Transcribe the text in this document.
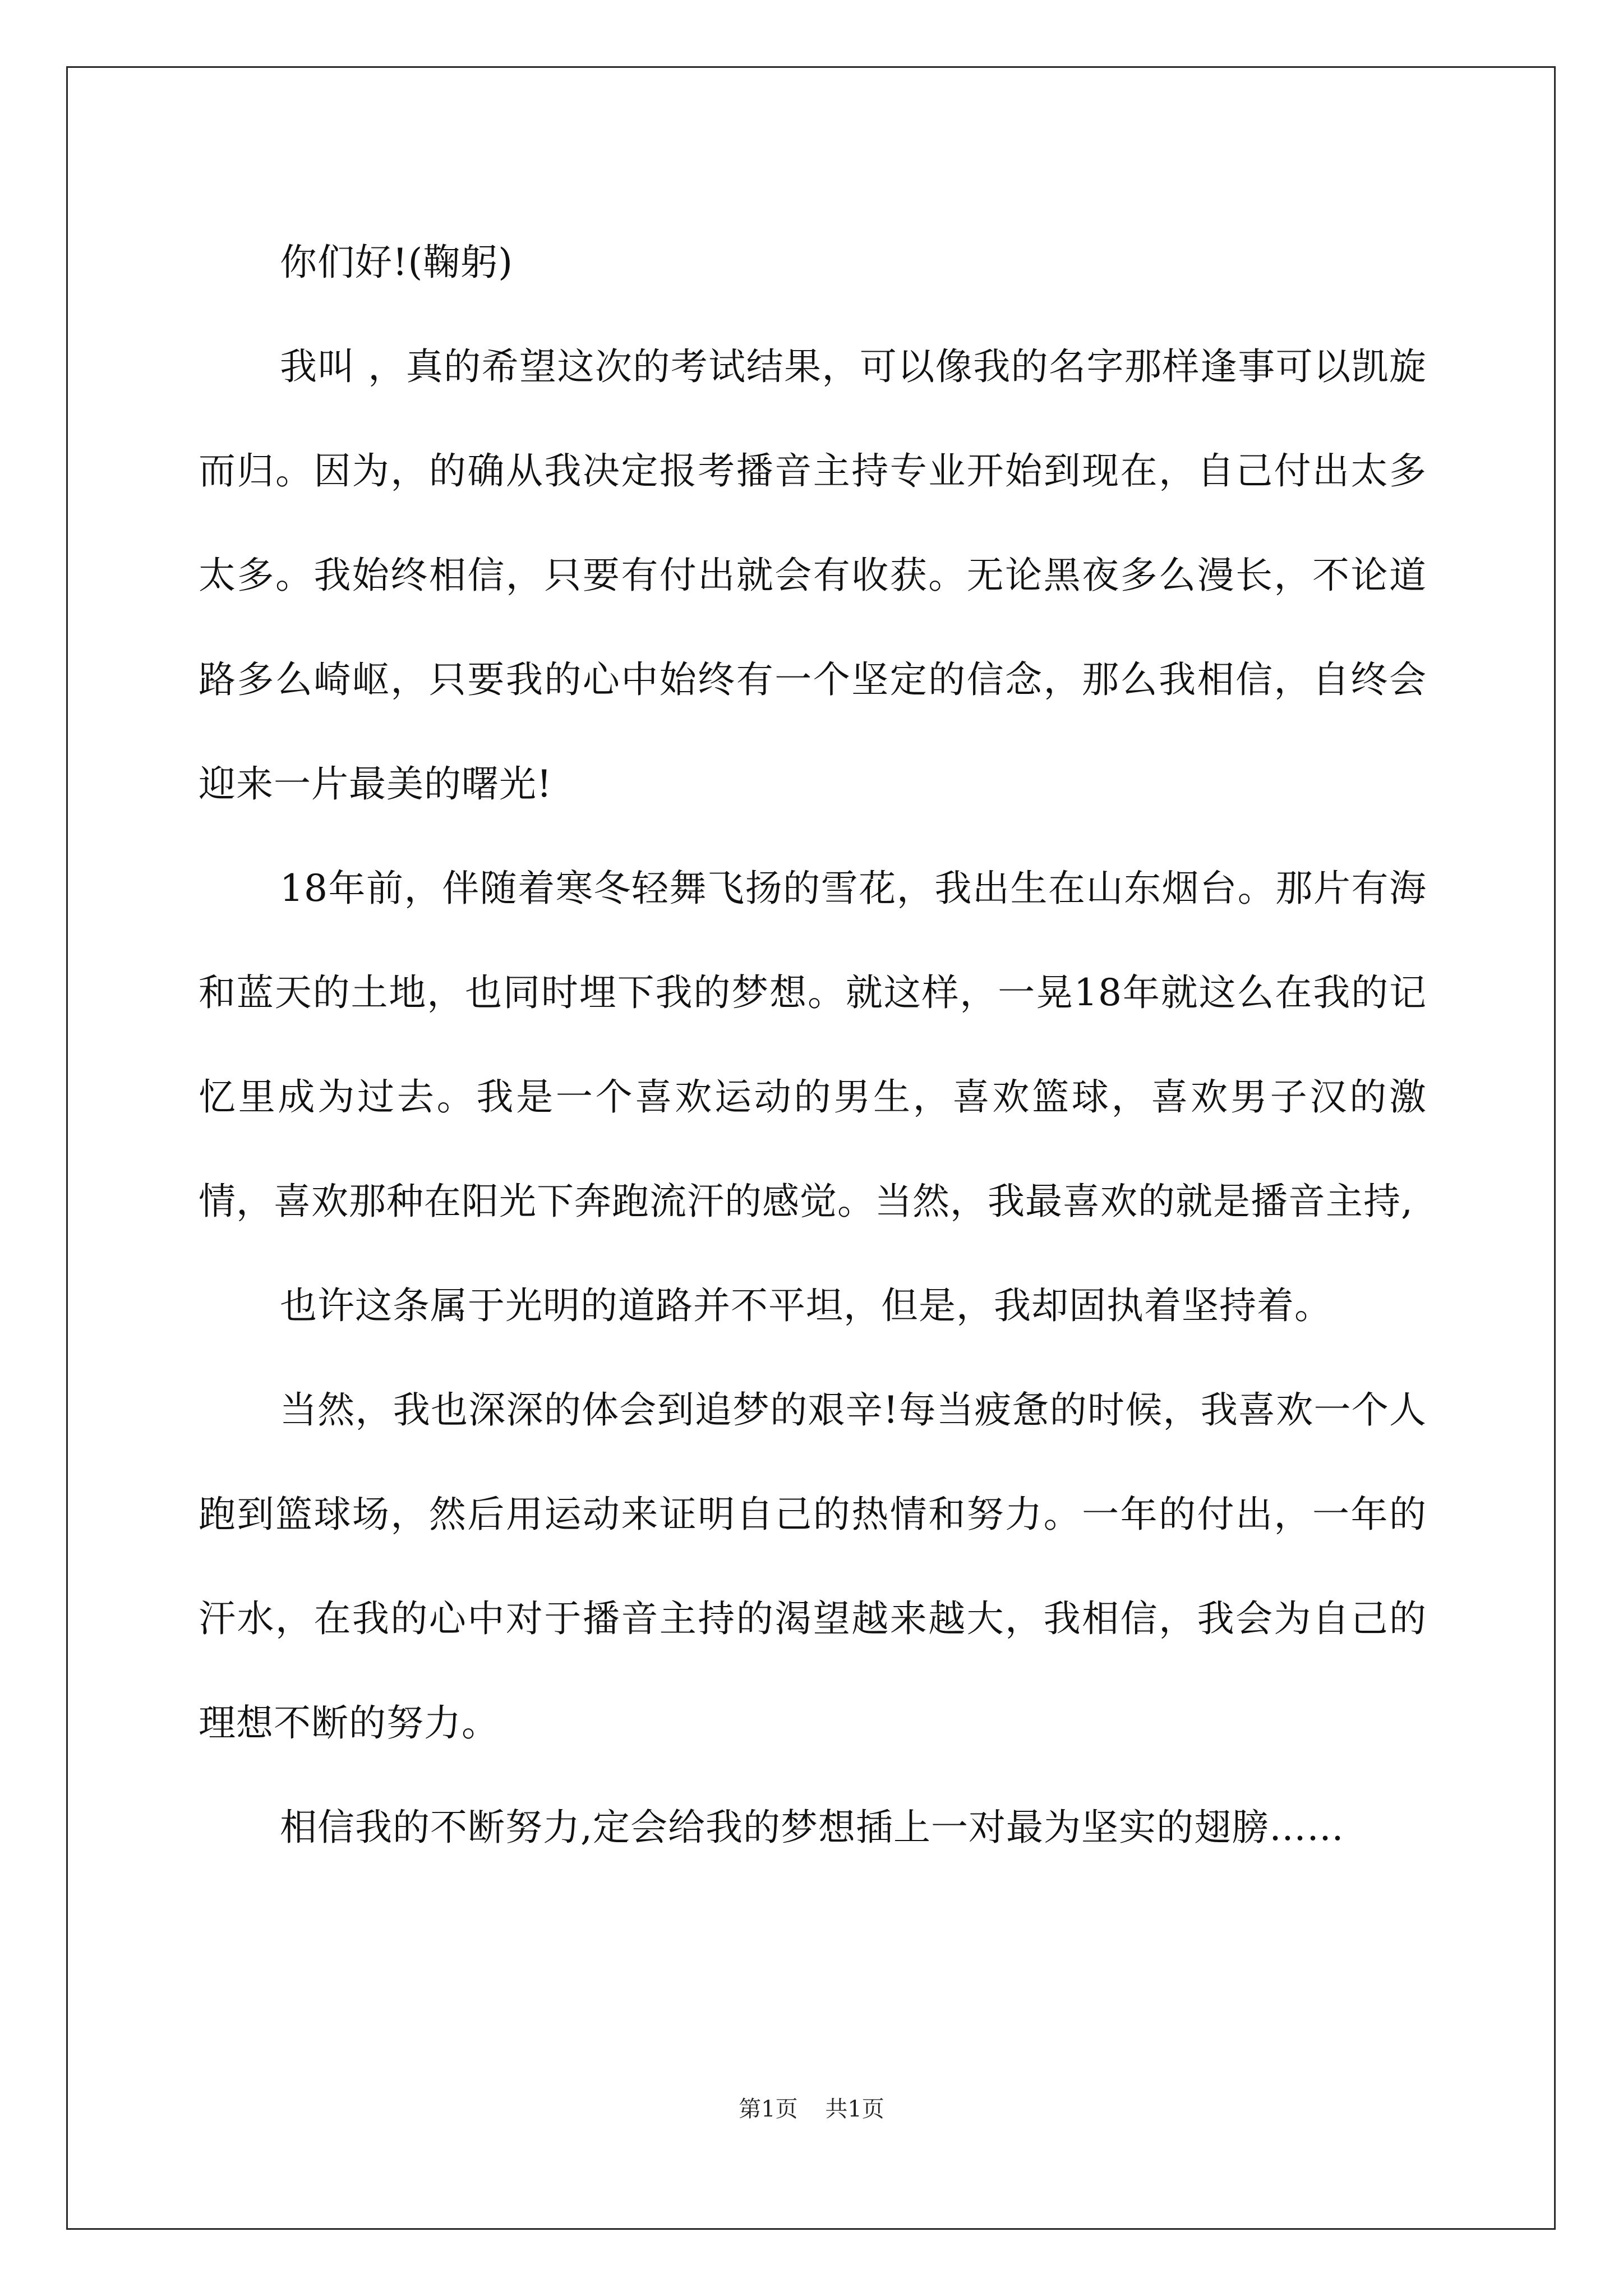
你们好!(鞠躬)

我叫 ，真的希望这次的考试结果，可以像我的名字那样逢事可以凯旋而归。因为，的确从我决定报考播音主持专业开始到现在，自己付出太多太多。我始终相信，只要有付出就会有收获。无论黑夜多么漫长，不论道路多么崎岖，只要我的心中始终有一个坚定的信念，那么我相信，自终会迎来一片最美的曙光!

18年前，伴随着寒冬轻舞飞扬的雪花，我出生在山东烟台。那片有海和蓝天的土地，也同时埋下我的梦想。就这样，一晃18年就这么在我的记忆里成为过去。我是一个喜欢运动的男生，喜欢篮球，喜欢男子汉的激情，喜欢那种在阳光下奔跑流汗的感觉。当然，我最喜欢的就是播音主持,

也许这条属于光明的道路并不平坦，但是，我却固执着坚持着。

当然，我也深深的体会到追梦的艰辛!每当疲惫的时候，我喜欢一个人跑到篮球场，然后用运动来证明自己的热情和努力。一年的付出，一年的汗水，在我的心中对于播音主持的渴望越来越大，我相信，我会为自己的理想不断的努力。

相信我的不断努力,定会给我的梦想插上一对最为坚实的翅膀……

第1页 共1页
